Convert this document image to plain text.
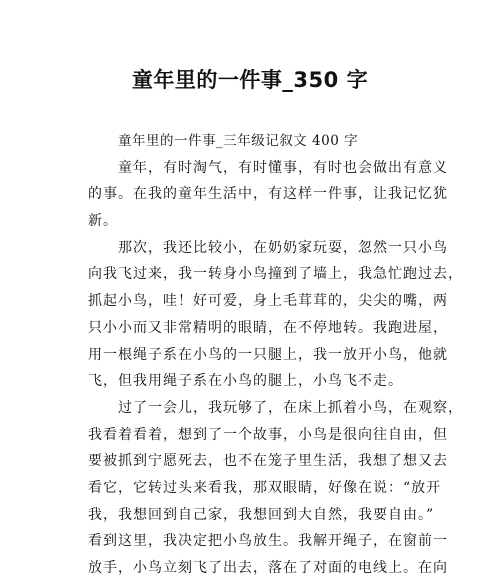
童年里的一件事_350 字
童年里的一件事_三年级记叙文 400 字
童年，有时淘气，有时懂事，有时也会做出有意义
的事。在我的童年生活中，有这样一件事，让我记忆犹
新。
那次，我还比较小，在奶奶家玩耍，忽然一只小鸟
向我飞过来，我一转身小鸟撞到了墙上，我急忙跑过去，
抓起小鸟，哇！好可爱，身上毛茸茸的，尖尖的嘴，两
只小小而又非常精明的眼睛，在不停地转。我跑进屋，
用一根绳子系在小鸟的一只腿上，我一放开小鸟，他就
飞，但我用绳子系在小鸟的腿上，小鸟飞不走。
过了一会儿，我玩够了，在床上抓着小鸟，在观察，
我看着看着，想到了一个故事，小鸟是很向往自由，但
要被抓到宁愿死去，也不在笼子里生活，我想了想又去
看它，它转过头来看我，那双眼睛，好像在说：“放开
我，我想回到自己家，我想回到大自然，我要自由。”
看到这里，我决定把小鸟放生。我解开绳子，在窗前一
放手，小鸟立刻飞了出去，落在了对面的电线上。在向
